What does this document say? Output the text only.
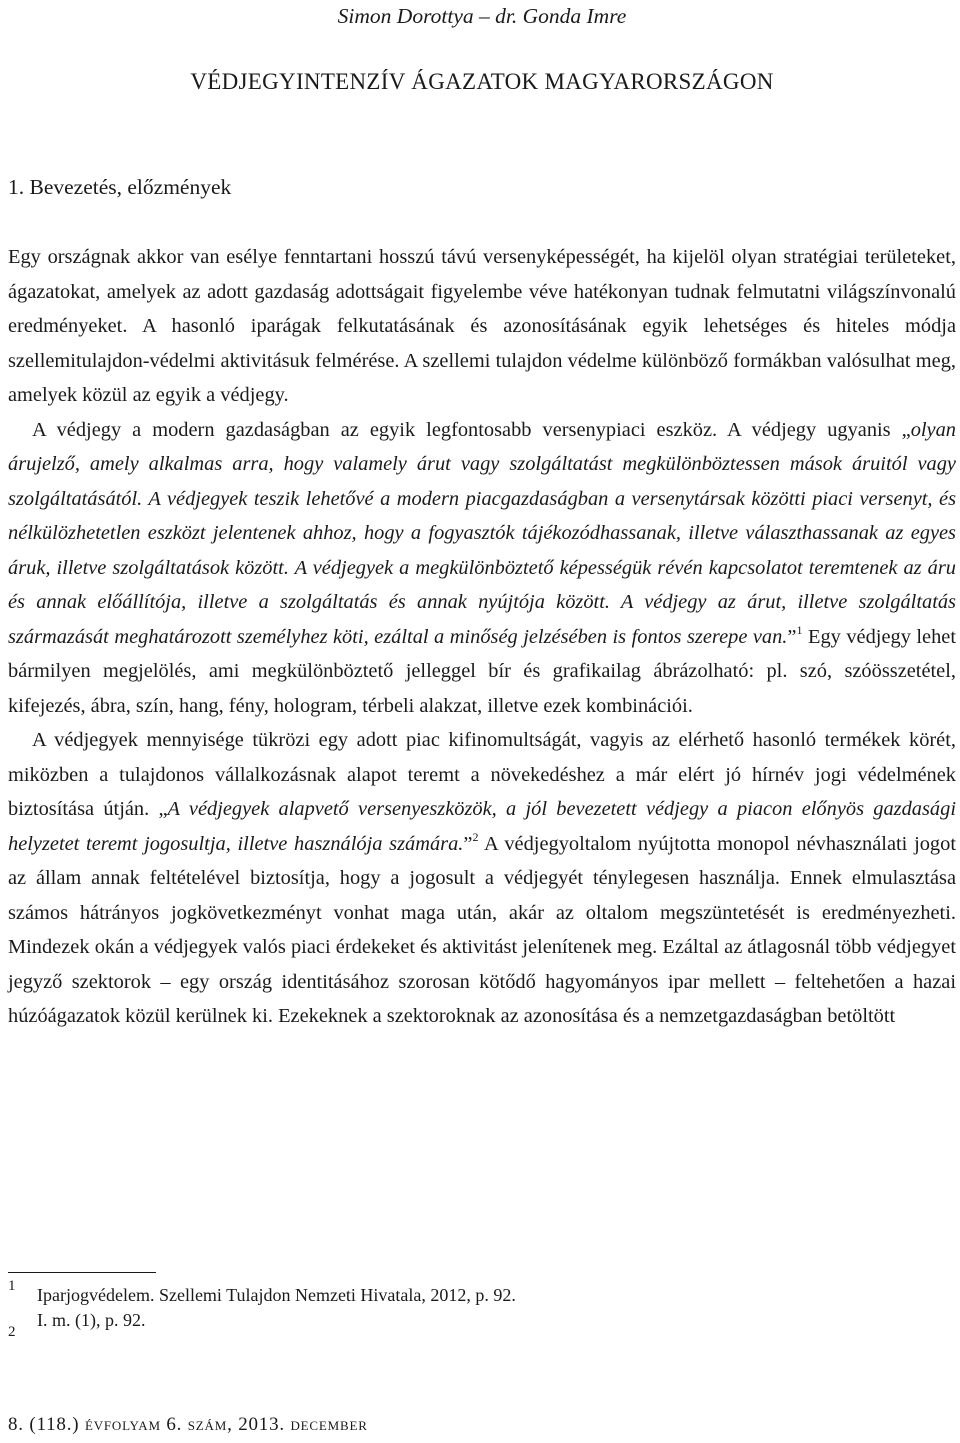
Simon Dorottya – dr. Gonda Imre
VÉDJEGYINTENZÍV ÁGAZATOK MAGYARORSZÁGON
1. Bevezetés, előzmények

Egy országnak akkor van esélye fenntartani hosszú távú versenyképességét, ha kijelöl olyan stratégiai területeket, ágazatokat, amelyek az adott gazdaság adottságait figyelembe véve hatékonyan tudnak felmutatni világszínvonalú eredményeket. A hasonló iparágak felkutatásának és azonosításának egyik lehetséges és hiteles módja szellemitulajdon-védelmi aktivitásuk felmérése. A szellemi tulajdon védelme különböző formákban valósulhat meg, amelyek közül az egyik a védjegy.

A védjegy a modern gazdaságban az egyik legfontosabb versenypiaci eszköz. A védjegy ugyanis „olyan árujelző, amely alkalmas arra, hogy valamely árut vagy szolgáltatást megkülönböztessen mások áruitól vagy szolgáltatásától. A védjegyek teszik lehetővé a modern piacgazdaságban a versenytársak közötti piaci versenyt, és nélkülözhetetlen eszközt jelentenek ahhoz, hogy a fogyasztók tájékozódhassanak, illetve választhassanak az egyes áruk, illetve szolgáltatások között. A védjegyek a megkülönböztető képességük révén kapcsolatot teremtenek az áru és annak előállítója, illetve a szolgáltatás és annak nyújtója között. A védjegy az árut, illetve szolgáltatás származását meghatározott személyhez köti, ezáltal a minőség jelzésében is fontos szerepe van.”$^1$ Egy védjegy lehet bármilyen megjelölés, ami megkülönböztető jelleggel bír és grafikailag ábrázolható: pl. szó, szóösszetétel, kifejezés, ábra, szín, hang, fény, hologram, térbeli alakzat, illetve ezek kombinációi.

A védjegyek mennyisége tükrözi egy adott piac kifinomultságát, vagyis az elérhető hasonló termékek körét, miközben a tulajdonos vállalkozásnak alapot teremt a növekedéshez a már elért jó hírnév jogi védelmének biztosítása útján. „A védjegyek alapvető versenyeszközök, a jól bevezetett védjegy a piacon előnyös gazdasági helyzetet teremt jogosultja, illetve használója számára.”$^2$ A védjegyoltalom nyújtotta monopol névhasználati jogot az állam annak feltételével biztosítja, hogy a jogosult a védjegyét ténylegesen használja. Ennek elmulasztása számos hátrányos jogkövetkezményt vonhat maga után, akár az oltalom megszüntetését is eredményezheti. Mindezek okán a védjegyek valós piaci érdekeket és aktivitást jelenítenek meg. Ezáltal az átlagosnál több védjegyet jegyző szektorok – egy ország identitásához szorosan kötődő hagyományos ipar mellett – feltehetően a hazai húzóágazatok közül kerülnek ki. Ezekeknek a szektoroknak az azonosítása és a nemzetgazdaságban betöltött

1 Iparjogvédelem. Szellemi Tulajdon Nemzeti Hivatala, 2012, p. 92.
2
I. m. (1), p. 92.
8. (118.) évfolyam 6. szám, 2013. december
